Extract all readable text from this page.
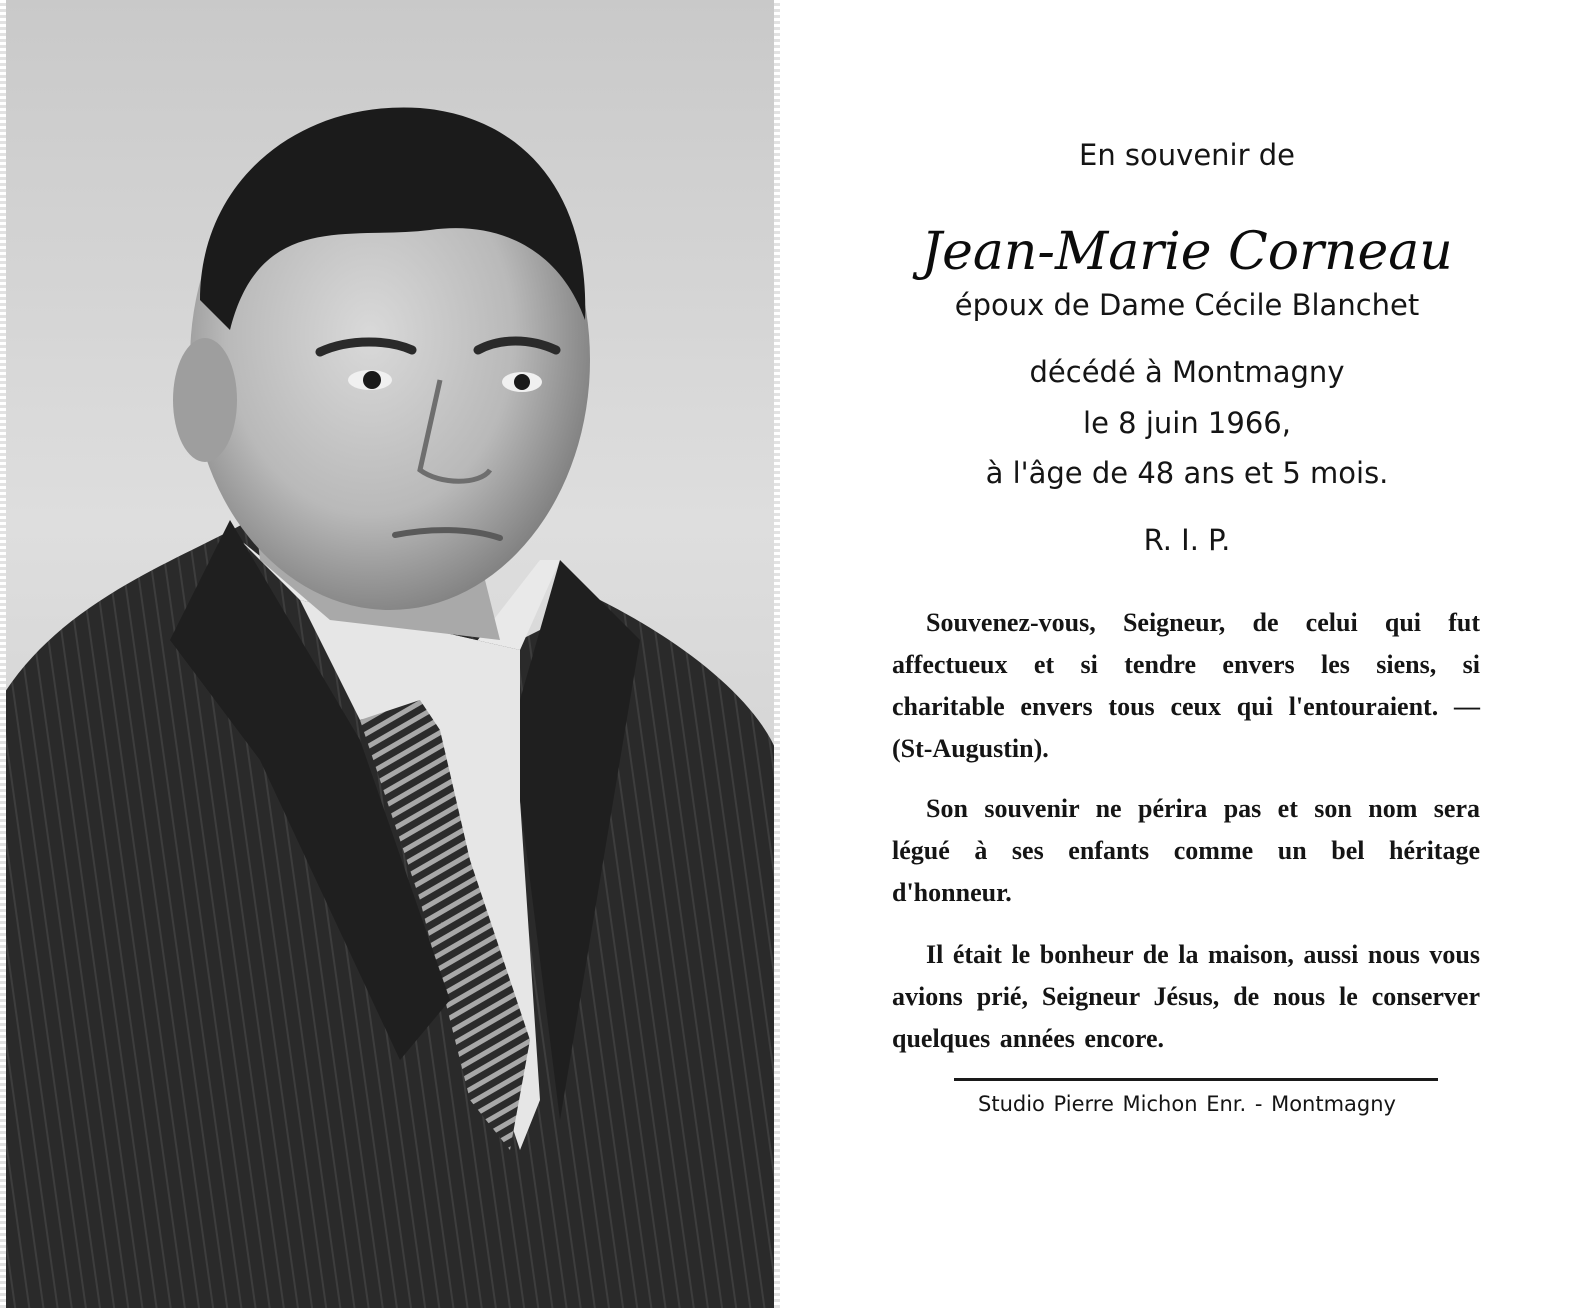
En souvenir de
Jean-Marie Corneau
époux de Dame Cécile Blanchet
décédé à Montmagny
le 8 juin 1966,
à l'âge de 48 ans et 5 mois.
R. I. P.
Souvenez-vous, Seigneur, de celui qui fut affectueux et si tendre envers les siens, si charitable envers tous ceux qui l'entouraient. — (St-Augustin).
Son souvenir ne périra pas et son nom sera légué à ses enfants comme un bel héritage d'honneur.
Il était le bonheur de la maison, aussi nous vous avions prié, Seigneur Jésus, de nous le conserver quelques années encore.
Studio Pierre Michon Enr. - Montmagny
